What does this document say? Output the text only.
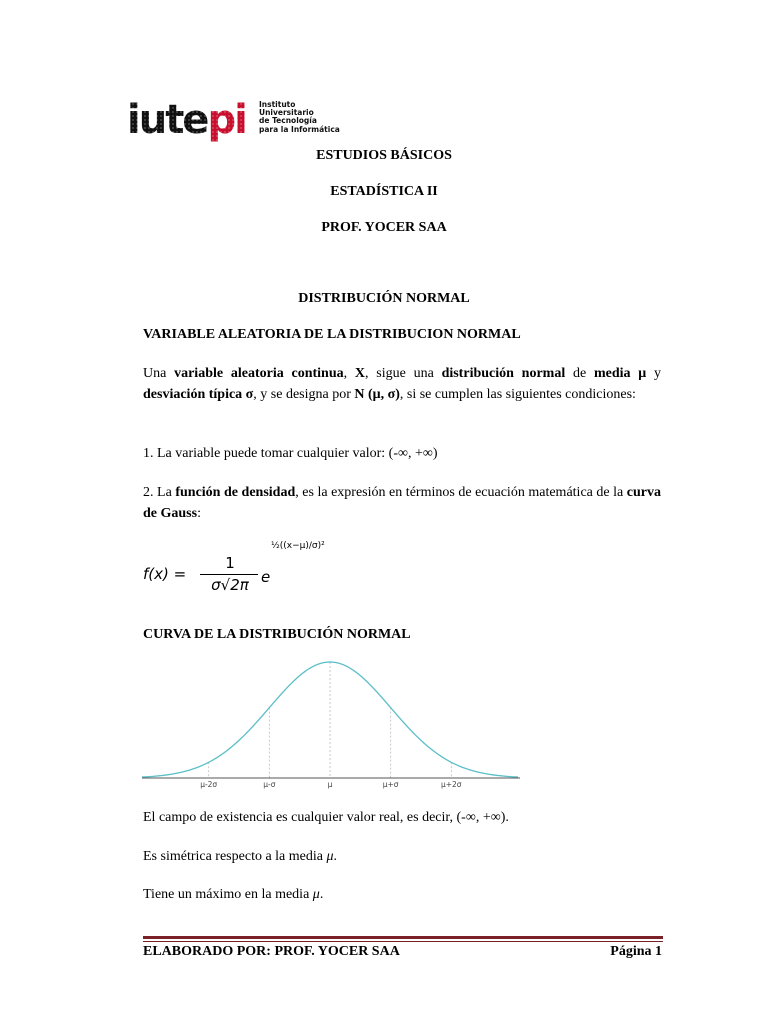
iutepi Instituto
Universitario
de Tecnología
para la Informática
ESTUDIOS BÁSICOS
ESTADÍSTICA II
PROF. YOCER SAA
DISTRIBUCIÓN NORMAL
VARIABLE ALEATORIA DE LA DISTRIBUCION NORMAL
Una variable aleatoria continua, X, sigue una distribución normal de media μ y desviación típica σ, y se designa por N (μ, σ), si se cumplen las siguientes condiciones:
1. La variable puede tomar cualquier valor: (-∞, +∞)
2. La función de densidad, es la expresión en términos de ecuación matemática de la curva de Gauss:
f(x) =
1
σ√2π e
½((x−μ)/σ)²
CURVA DE LA DISTRIBUCIÓN NORMAL
μ-2σ	μ-σ	μ	μ+σ	μ+2σ
El campo de existencia es cualquier valor real, es decir, (-∞, +∞).
Es simétrica respecto a la media μ.
Tiene un máximo en la media μ.
ELABORADO POR: PROF. YOCER SAA	Página 1
